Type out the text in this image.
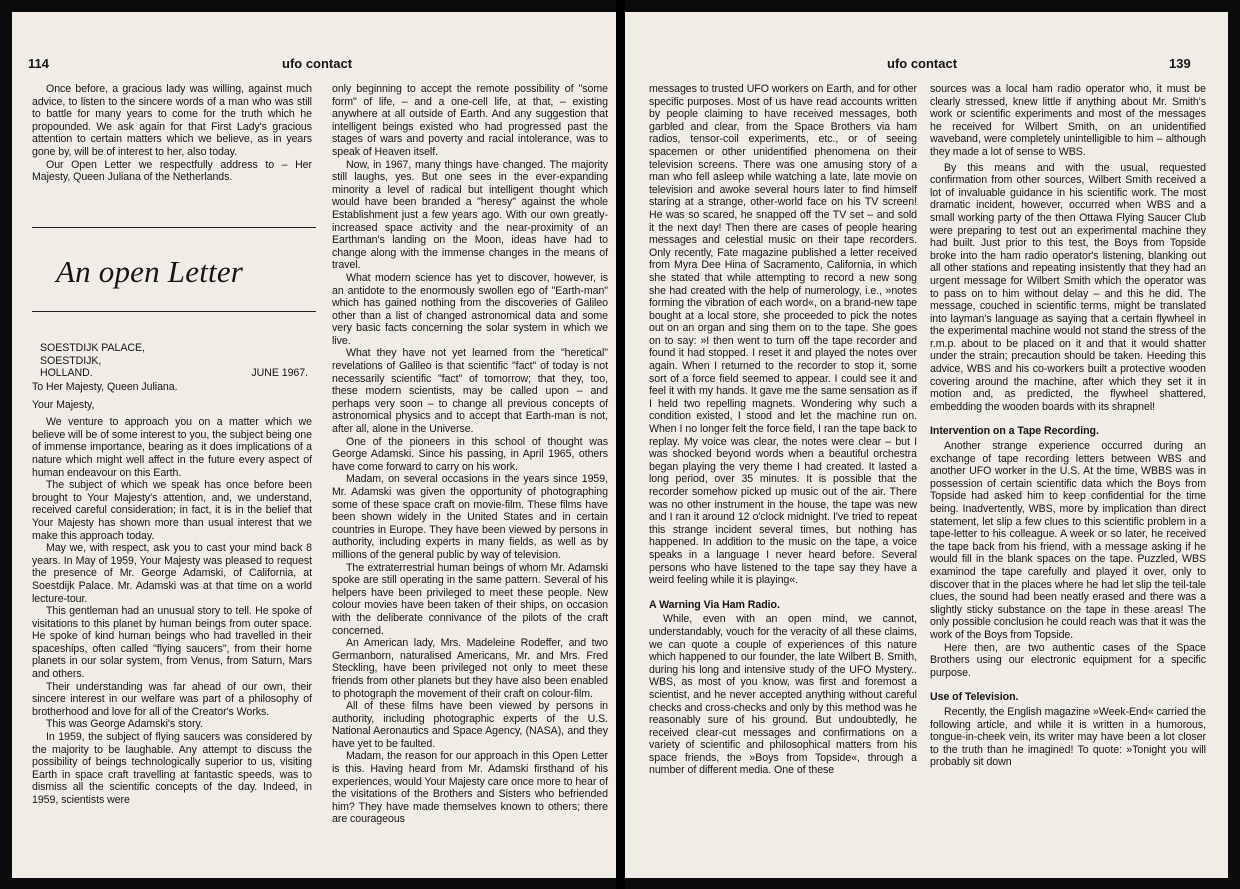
114	ufo contact

Once before, a gracious lady was willing, against much advice, to listen to the sincere words of a man who was still to battle for many years to come for the truth which he propounded. We ask again for that First Lady's gracious attention to certain matters which we believe, as in years gone by, will be of interest to her, also today.

Our Open Letter we respectfully address to – Her Majesty, Queen Juliana of the Netherlands.

An open Letter
SOESTDIJK PALACE,
SOESTDIJK,
HOLLAND.	JUNE 1967.

To Her Majesty, Queen Juliana.

Your Majesty,

We venture to approach you on a matter which we believe will be of some interest to you, the subject being one of immense importance, bearing as it does implications of a nature which might well affect in the future every aspect of human endeavour on this Earth.

The subject of which we speak has once before been brought to Your Majesty's attention, and, we understand, received careful consideration; in fact, it is in the belief that Your Majesty has shown more than usual interest that we make this approach today.

May we, with respect, ask you to cast your mind back 8 years. In May of 1959, Your Majesty was pleased to request the presence of Mr. George Adamski, of California, at Soestdijk Palace. Mr. Adamski was at that time on a world lecture-tour.

This gentleman had an unusual story to tell. He spoke of visitations to this planet by human beings from outer space. He spoke of kind human beings who had travelled in their spaceships, often called "flying saucers", from their home planets in our solar system, from Venus, from Saturn, Mars and others.

Their understanding was far ahead of our own, their sincere interest in our welfare was part of a philosophy of brotherhood and love for all of the Creator's Works.

This was George Adamski's story.

In 1959, the subject of flying saucers was considered by the majority to be laughable. Any attempt to discuss the possibility of beings technologically superior to us, visiting Earth in space craft travelling at fantastic speeds, was to dismiss all the scientific concepts of the day. Indeed, in 1959, scientists were

only beginning to accept the remote possibility of "some form" of life, – and a one-cell life, at that, – existing anywhere at all outside of Earth. And any suggestion that intelligent beings existed who had progressed past the stages of wars and poverty and racial intolerance, was to speak of Heaven itself.

Now, in 1967, many things have changed. The majority still laughs, yes. But one sees in the ever-expanding minority a level of radical but intelligent thought which would have been branded a "heresy" against the whole Establishment just a few years ago. With our own greatly-increased space activity and the near-proximity of an Earthman's landing on the Moon, ideas have had to change along with the immense changes in the means of travel.

What modern science has yet to discover, however, is an antidote to the enormously swollen ego of "Earth-man" which has gained nothing from the discoveries of Galileo other than a list of changed astronomical data and some very basic facts concerning the solar system in which we live.

What they have not yet learned from the "heretical" revelations of Galileo is that scientific "fact" of today is not necessarily scientific "fact" of tomorrow; that they, too, these modern scientists, may be called upon – and perhaps very soon – to change all previous concepts of astronomical physics and to accept that Earth-man is not, after all, alone in the Universe.

One of the pioneers in this school of thought was George Adamski. Since his passing, in April 1965, others have come forward to carry on his work.

Madam, on several occasions in the years since 1959, Mr. Adamski was given the opportunity of photographing some of these space craft on movie-film. These films have been shown widely in the United States and in certain countries in Europe. They have been viewed by persons in authority, including experts in many fields, as well as by millions of the general public by way of television.

The extraterrestrial human beings of whom Mr. Adamski spoke are still operating in the same pattern. Several of his helpers have been privileged to meet these people. New colour movies have been taken of their ships, on occasion with the deliberate connivance of the pilots of the craft concerned.

An American lady, Mrs. Madeleine Rodeffer, and two Germanborn, naturalised Americans, Mr. and Mrs. Fred Steckling, have been privileged not only to meet these friends from other planets but they have also been enabled to photograph the movement of their craft on colour-film.

All of these films have been viewed by persons in authority, including photographic experts of the U.S. National Aeronautics and Space Agency, (NASA), and they have yet to be faulted.

Madam, the reason for our approach in this Open Letter is this. Having heard from Mr. Adamski firsthand of his experiences, would Your Majesty care once more to hear of the visitations of the Brothers and Sisters who befriended him? They have made themselves known to others; there are courageous

ufo contact	139

messages to trusted UFO workers on Earth, and for other specific purposes. Most of us have read accounts written by people claiming to have received messages, both garbled and clear, from the Space Brothers via ham radios, tensor-coil experiments, etc., or of seeing spacemen or other unidentified phenomena on their television screens. There was one amusing story of a man who fell asleep while watching a late, late movie on television and awoke several hours later to find himself staring at a strange, other-world face on his TV screen! He was so scared, he snapped off the TV set – and sold it the next day! Then there are cases of people hearing messages and celestial music on their tape recorders. Only recently, Fate magazine published a letter received from Myra Dee Hina of Sacramento, California, in which she stated that while attempting to record a new song she had created with the help of numerology, i.e., »notes forming the vibration of each word«, on a brand-new tape bought at a local store, she proceeded to pick the notes out on an organ and sing them on to the tape. She goes on to say: »I then went to turn off the tape recorder and found it had stopped. I reset it and played the notes over again. When I returned to the recorder to stop it, some sort of a force field seemed to appear. I could see it and feel it with my hands. It gave me the same sensation as if I held two repelling magnets. Wondering why such a condition existed, I stood and let the machine run on. When I no longer felt the force field, I ran the tape back to replay. My voice was clear, the notes were clear – but I was shocked beyond words when a beautiful orchestra began playing the very theme I had created. It lasted a long period, over 35 minutes. It is possible that the recorder somehow picked up music out of the air. There was no other instrument in the house, the tape was new and I ran it around 12 o'clock midnight. I've tried to repeat this strange incident several times, but nothing has happened. In addition to the music on the tape, a voice speaks in a language I never heard before. Several persons who have listened to the tape say they have a weird feeling while it is playing«.

A Warning Via Ham Radio.

While, even with an open mind, we cannot, understandably, vouch for the veracity of all these claims, we can quote a couple of experiences of this nature which happened to our founder, the late Wilbert B. Smith, during his long and intensive study of the UFO Mystery.. WBS, as most of you know, was first and foremost a scientist, and he never accepted anything without careful checks and cross-checks and only by this method was he reasonably sure of his ground. But undoubtedly, he received clear-cut messages and confirmations on a variety of scientific and philosophical matters from his space friends, the »Boys from Topside«, through a number of different media. One of these

sources was a local ham radio operator who, it must be clearly stressed, knew little if anything about Mr. Smith's work or scientific experiments and most of the messages he received for Wilbert Smith, on an unidentified waveband, were completely unintelligible to him – although they made a lot of sense to WBS.

By this means and with the usual, requested confirmation from other sources, Wilbert Smith received a lot of invaluable guidance in his scientific work. The most dramatic incident, however, occurred when WBS and a small working party of the then Ottawa Flying Saucer Club were preparing to test out an experimental machine they had built. Just prior to this test, the Boys from Topside broke into the ham radio operator's listening, blanking out all other stations and repeating insistently that they had an urgent message for Wilbert Smith which the operator was to pass on to him without delay – and this he did. The message, couched in scientific terms, might be translated into layman's language as saying that a certain flywheel in the experimental machine would not stand the stress of the r.m.p. about to be placed on it and that it would shatter under the strain; precaution should be taken. Heeding this advice, WBS and his co-workers built a protective wooden covering around the machine, after which they set it in motion and, as predicted, the flywheel shattered, embedding the wooden boards with its shrapnel!

Intervention on a Tape Recording.

Another strange experience occurred during an exchange of tape recording letters between WBS and another UFO worker in the U.S. At the time, WBBS was in possession of certain scientific data which the Boys from Topside had asked him to keep confidential for the time being. Inadvertently, WBS, more by implication than direct statement, let slip a few clues to this scientific problem in a tape-letter to his colleague. A week or so later, he received the tape back from his friend, with a message asking if he would fill in the blank spaces on the tape. Puzzled, WBS examinod the tape carefully and played it over, only to discover that in the places where he had let slip the teil-tale clues, the sound had been neatly erased and there was a slightly sticky substance on the tape in these areas! The only possible conclusion he could reach was that it was the work of the Boys from Topside.

Here then, are two authentic cases of the Space Brothers using our electronic equipment for a specific purpose.

Use of Television.

Recently, the English magazine »Week-End« carried the following article, and while it is written in a humorous, tongue-in-cheek vein, its writer may have been a lot closer to the truth than he imagined! To quote: »Tonight you will probably sit down
